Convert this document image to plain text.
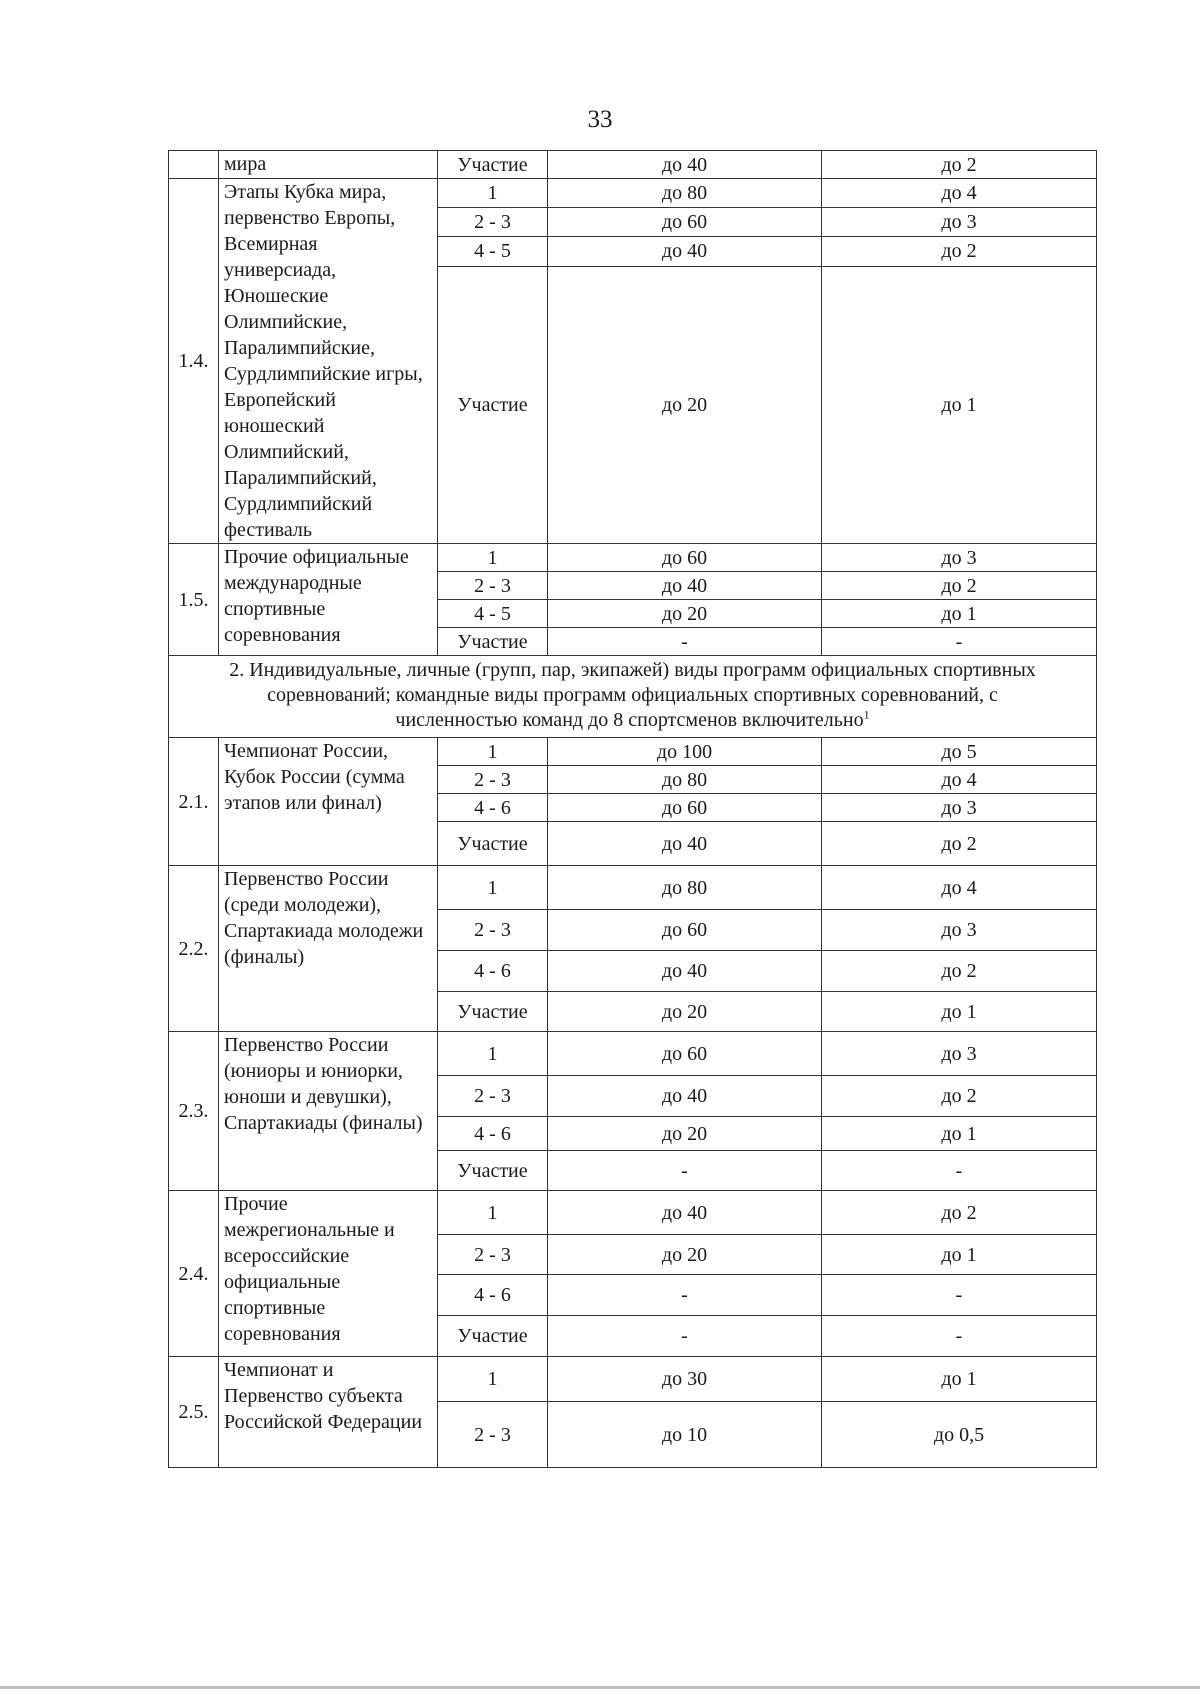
33
	мира	Участие	до 40	до 2
1.4.	Этапы Кубка мира, первенство Европы, Всемирная универсиада, Юношеские Олимпийские, Паралимпийские, Сурдлимпийские игры, Европейский юношеский Олимпийский, Паралимпийский, Сурдлимпийский фестиваль	1	до 80	до 4
		2 - 3	до 60	до 3
		4 - 5	до 40	до 2
		Участие	до 20	до 1
1.5.	Прочие официальные международные спортивные соревнования	1	до 60	до 3
		2 - 3	до 40	до 2
		4 - 5	до 20	до 1
		Участие	-	-
2. Индивидуальные, личные (групп, пар, экипажей) виды программ официальных спортивных соревнований; командные виды программ официальных спортивных соревнований, с численностью команд до 8 спортсменов включительно$^1$
2.1.	Чемпионат России, Кубок России (сумма этапов или финал)	1	до 100	до 5
		2 - 3	до 80	до 4
		4 - 6	до 60	до 3
		Участие	до 40	до 2
2.2.	Первенство России (среди молодежи), Спартакиада молодежи (финалы)	1	до 80	до 4
		2 - 3	до 60	до 3
		4 - 6	до 40	до 2
		Участие	до 20	до 1
2.3.	Первенство России (юниоры и юниорки, юноши и девушки), Спартакиады (финалы)	1	до 60	до 3
		2 - 3	до 40	до 2
		4 - 6	до 20	до 1
		Участие	-	-
2.4.	Прочие межрегиональные и всероссийские официальные спортивные соревнования	1	до 40	до 2
		2 - 3	до 20	до 1
		4 - 6	-	-
		Участие	-	-
2.5.	Чемпионат и Первенство субъекта Российской Федерации	1	до 30	до 1
		2 - 3	до 10	до 0,5
